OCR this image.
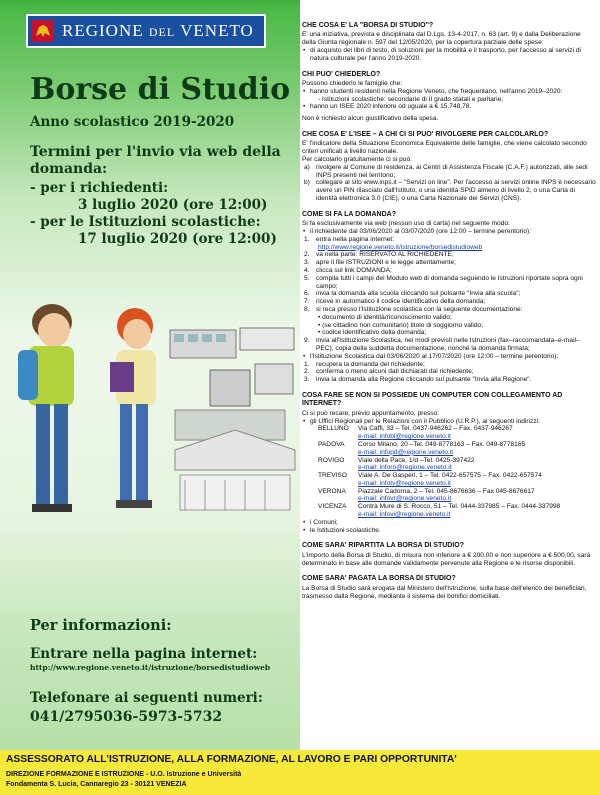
REGIONE DEL VENETO
Borse di Studio
Anno scolastico 2019-2020
Termini per l'invio via web della domanda:
- per i richiedenti:
3 luglio 2020 (ore 12:00)
- per le Istituzioni scolastiche:
17 luglio 2020 (ore 12:00)
Per informazioni:
Entrare nella pagina internet:
http://www.regione.veneto.it/istruzione/borsedistudioweb
Telefonare ai seguenti numeri:
041/2795036-5973-5732
CHE COSA E' LA "BORSA DI STUDIO"?

E' una iniziativa, prevista e disciplinata dal D.Lgs. 13-4-2017, n. 63 (art. 9) e dalla Deliberazione della Giunta regionale n. 597 del 12/05/2020, per la copertura parziale delle spese:

• di acquisto dei libri di testo, di soluzioni per la mobilità e il trasporto, per l'accesso ai servizi di natura culturale per l'anno 2019-2020.

CHI PUO' CHIEDERLO?

Possono chiederlo le famiglie che:

• hanno studenti residenti nella Regione Veneto, che frequentano, nell'anno 2019–2020:

- Istituzioni scolastiche: secondarie di II grado statali e paritarie;

• hanno un ISEE 2020 inferiore od uguale a € 15.748,78.

Non è richiesto alcun giustificativo della spesa.

CHE COSA E' L'ISEE – A CHI CI SI PUO' RIVOLGERE PER CALCOLARLO?

E' l'indicatore della Situazione Economica Equivalente delle famiglie, che viene calcolato secondo criteri unificati a livello nazionale.

Per calcolarlo gratuitamente ci si può:

a) rivolgere al Comune di residenza, ai Centri di Assistenza Fiscale (C.A.F.) autorizzati, alle sedi INPS presenti nel territorio;

b) collegare al sito www.inps.it – "Servizi on line". Per l'accesso ai servizi online INPS è necessario avere un PIN rilasciato dall'Istituto, o una identità SPID almeno di livello 2, o una Carta di identità elettronica 3.0 (CIE), o una Carta Nazionale dei Servizi (CNS).

COME SI FA LA DOMANDA?

Si fa esclusivamente via web (nessun uso di carta) nel seguente modo:

• il richiedente dal 03/06/2020 al 03/07/2020 (ore 12:00 – termine perentorio):

1. entra nella pagina internet:

http://www.regione.veneto.it/istruzione/borsedistudioweb

2. va nella parte: RISERVATO AL RICHIEDENTE;

3. apre il file ISTRUZIONI e le legge attentamente;

4. clicca sul link DOMANDA;

5. compila tutti i campi del Modulo web di domanda seguendo le Istruzioni riportate sopra ogni campo;

6. invia la domanda alla scuola cliccando sul pulsante "Invia alla scuola";

7. riceve in automatico il codice identificativo della domanda;

8. si reca presso l'Istituzione scolastica con la seguente documentazione:

• documento di identità/riconoscimento valido;

• (se cittadino non comunitario) titolo di soggiorno valido;

• codice identificativo della domanda;

9. invia all'Istituzione Scolastica, nei modi previsti nelle Istruzioni (fax–raccomandata–e-mail–PEC), copia della suddetta documentazione, nonché la domanda firmata;

• l'Istituzione Scolastica dal 03/06/2020 al 17/07/2020 (ore 12:00 – termine perentorio):

1. recupera la domanda del richiedente;

2. conferma o meno alcuni dati dichiarati dal richiedente;

3. invia la domanda alla Regione cliccando sul pulsante "Invia alla Regione".

COSA FARE SE NON SI POSSIEDE UN COMPUTER CON COLLEGAMENTO AD INTERNET?

Ci si può recare, previo appuntamento, presso:

• gli Uffici Regionali per le Relazioni con il Pubblico (U.R.P.), ai seguenti indirizzi:

BELLUNO	Via Caffi, 33 – Tel. 0437-946262 – Fax. 0437-946267
e-mail: infobl@regione.veneto.it
PADOVA	Corso Milano, 20 –Tel. 049-8778163 – Fax. 049-8778165
e-mail: infopd@regione.veneto.it
ROVIGO	Viale della Pace, 1/d –Tel. 0425-397422
e-mail: inforo@regione.veneto.it
TREVISO	Viale A. De Gasperi, 1 – Tel. 0422-657575 – Fax. 0422-657574
e-mail: infotv@regione.veneto.it
VERONA	Piazzale Cadorna, 2 – Tel. 045-8676636 – Fax 045-8676617
e-mail: infovr@regione.veneto.it
VICENZA	Contrà Mure di S. Rocco, 51 – Tel. 0444-337985 – Fax. 0444-337998
e-mail: infovi@regione.veneto.it

• i Comuni;

• le Istituzioni scolastiche.

COME SARA' RIPARTITA LA BORSA DI STUDIO?

L'importo della Borsa di Studio, di misura non inferiore a € 200,00 e non superiore a € 500,00, sarà determinato in base alle domande validamente pervenute alla Regione e le risorse disponibili.

COME SARA' PAGATA LA BORSA DI STUDIO?

La Borsa di Studio sarà erogata dal Ministero dell'Istruzione, sulla base dell'elenco dei beneficiari, trasmesso dalla Regione, mediante il sistema dei bonifici domiciliati.

ASSESSORATO ALL'ISTRUZIONE, ALLA FORMAZIONE, AL LAVORO E PARI OPPORTUNITA'
DIREZIONE FORMAZIONE E ISTRUZIONE - U.O. Istruzione e Università
Fondamenta S. Lucia, Cannaregio 23 - 30121 VENEZIA
